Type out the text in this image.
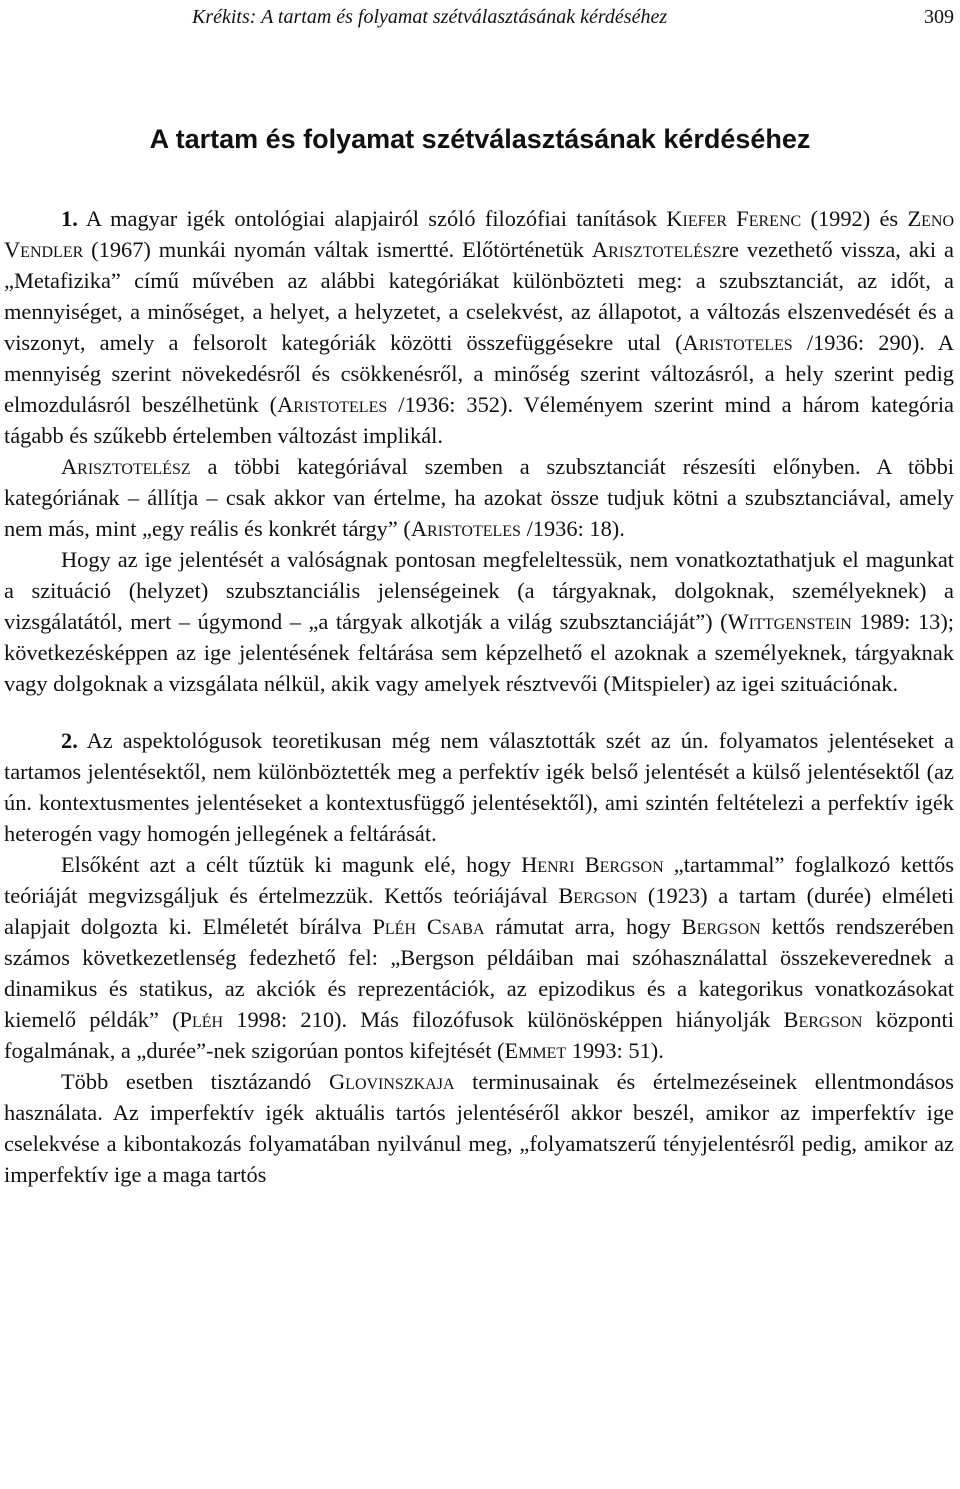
Krékits: A tartam és folyamat szétválasztásának kérdéséhez	309
A tartam és folyamat szétválasztásának kérdéséhez

1. A magyar igék ontológiai alapjairól szóló filozófiai tanítások Kiefer Ferenc (1992) és Zeno Vendler (1967) munkái nyomán váltak ismertté. Előtörténetük Arisztotelészre vezethető vissza, aki a „Metafizika” című művében az alábbi kategóriákat különbözteti meg: a szubsztanciát, az időt, a mennyiséget, a minőséget, a helyet, a helyzetet, a cselekvést, az állapotot, a változás elszenvedését és a viszonyt, amely a felsorolt kategóriák közötti összefüggésekre utal (Aristoteles /1936: 290). A mennyiség szerint növekedésről és csökkenésről, a minőség szerint változásról, a hely szerint pedig elmozdulásról beszélhetünk (Aristoteles /1936: 352). Véleményem szerint mind a három kategória tágabb és szűkebb értelemben változást implikál.

Arisztotelész a többi kategóriával szemben a szubsztanciát részesíti előnyben. A többi kategóriának – állítja – csak akkor van értelme, ha azokat össze tudjuk kötni a szubsztanciával, amely nem más, mint „egy reális és konkrét tárgy” (Aristoteles /1936: 18).

Hogy az ige jelentését a valóságnak pontosan megfeleltessük, nem vonatkoztathatjuk el magunkat a szituáció (helyzet) szubsztanciális jelenségeinek (a tárgyaknak, dolgoknak, személyeknek) a vizsgálatától, mert – úgymond – „a tárgyak alkotják a világ szubsztanciáját”) (Wittgenstein 1989: 13); következésképpen az ige jelentésének feltárása sem képzelhető el azoknak a személyeknek, tárgyaknak vagy dolgoknak a vizsgálata nélkül, akik vagy amelyek résztvevői (Mitspieler) az igei szituációnak.

2. Az aspektológusok teoretikusan még nem választották szét az ún. folyamatos jelentéseket a tartamos jelentésektől, nem különböztették meg a perfektív igék belső jelentését a külső jelentésektől (az ún. kontextusmentes jelentéseket a kontextusfüggő jelentésektől), ami szintén feltételezi a perfektív igék heterogén vagy homogén jellegének a feltárását.

Elsőként azt a célt tűztük ki magunk elé, hogy Henri Bergson „tartammal” foglalkozó kettős teóriáját megvizsgáljuk és értelmezzük. Kettős teóriájával Bergson (1923) a tartam (durée) elméleti alapjait dolgozta ki. Elméletét bírálva Pléh Csaba rámutat arra, hogy Bergson kettős rendszerében számos következetlenség fedezhető fel: „Bergson példáiban mai szóhasználattal összekeverednek a dinamikus és statikus, az akciók és reprezentációk, az epizodikus és a kategorikus vonatkozásokat kiemelő példák” (Pléh 1998: 210). Más filozófusok különösképpen hiányolják Bergson központi fogalmának, a „durée”-nek szigorúan pontos kifejtését (Emmet 1993: 51).

Több esetben tisztázandó Glovinszkaja terminusainak és értelmezéseinek ellentmondásos használata. Az imperfektív igék aktuális tartós jelentéséről akkor beszél, amikor az imperfektív ige cselekvése a kibontakozás folyamatában nyilvánul meg, „folyamatszerű tényjelentésről pedig, amikor az imperfektív ige a maga tartós
